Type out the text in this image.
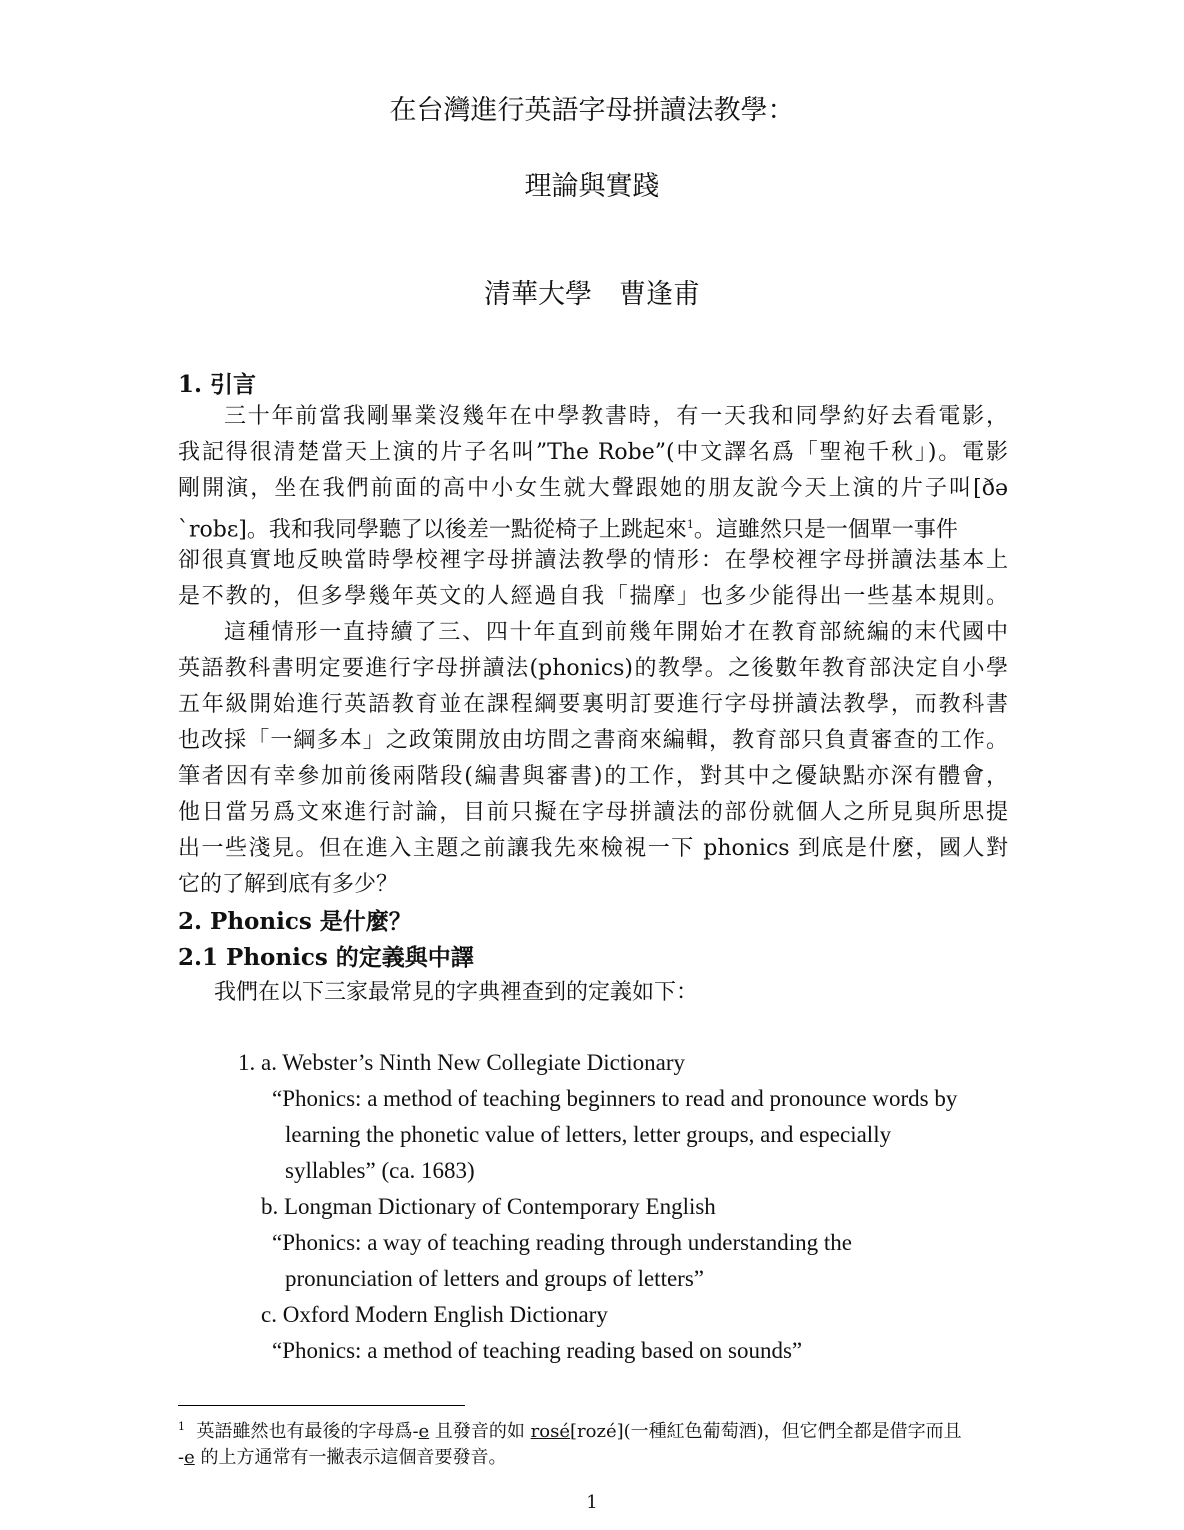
在台灣進行英語字母拼讀法教學：

理論與實踐

清華大學　曹逢甫

1. 引言

三十年前當我剛畢業沒幾年在中學教書時，有一天我和同學約好去看電影，

我記得很清楚當天上演的片子名叫”The Robe”(中文譯名爲「聖袍千秋」)。電影

剛開演，坐在我們前面的高中小女生就大聲跟她的朋友說今天上演的片子叫[ðə

`robɛ]。我和我同學聽了以後差一點從椅子上跳起來$^1$。這雖然只是一個單一事件

卻很真實地反映當時學校裡字母拼讀法教學的情形：在學校裡字母拼讀法基本上

是不教的，但多學幾年英文的人經過自我「揣摩」也多少能得出一些基本規則。

這種情形一直持續了三、四十年直到前幾年開始才在教育部統編的末代國中

英語教科書明定要進行字母拼讀法(phonics)的教學。之後數年教育部決定自小學

五年級開始進行英語教育並在課程綱要裏明訂要進行字母拼讀法教學，而教科書

也改採「一綱多本」之政策開放由坊間之書商來編輯，教育部只負責審查的工作。

筆者因有幸參加前後兩階段(編書與審書)的工作，對其中之優缺點亦深有體會，

他日當另爲文來進行討論，目前只擬在字母拼讀法的部份就個人之所見與所思提

出一些淺見。但在進入主題之前讓我先來檢視一下 phonics 到底是什麼，國人對

它的了解到底有多少？

2. Phonics 是什麼？

2.1 Phonics 的定義與中譯

我們在以下三家最常見的字典裡查到的定義如下：

1. a. Webster’s Ninth New Collegiate Dictionary

“Phonics: a method of teaching beginners to read and pronounce words by

learning the phonetic value of letters, letter groups, and especially

syllables” (ca. 1683)

b. Longman Dictionary of Contemporary English

“Phonics: a way of teaching reading through understanding the

pronunciation of letters and groups of letters”

c. Oxford Modern English Dictionary

“Phonics: a method of teaching reading based on sounds”

$^1$ 英語雖然也有最後的字母爲-e 且發音的如 rosé[rozé](一種紅色葡萄酒)，但它們全都是借字而且

-e 的上方通常有一撇表示這個音要發音。

1
